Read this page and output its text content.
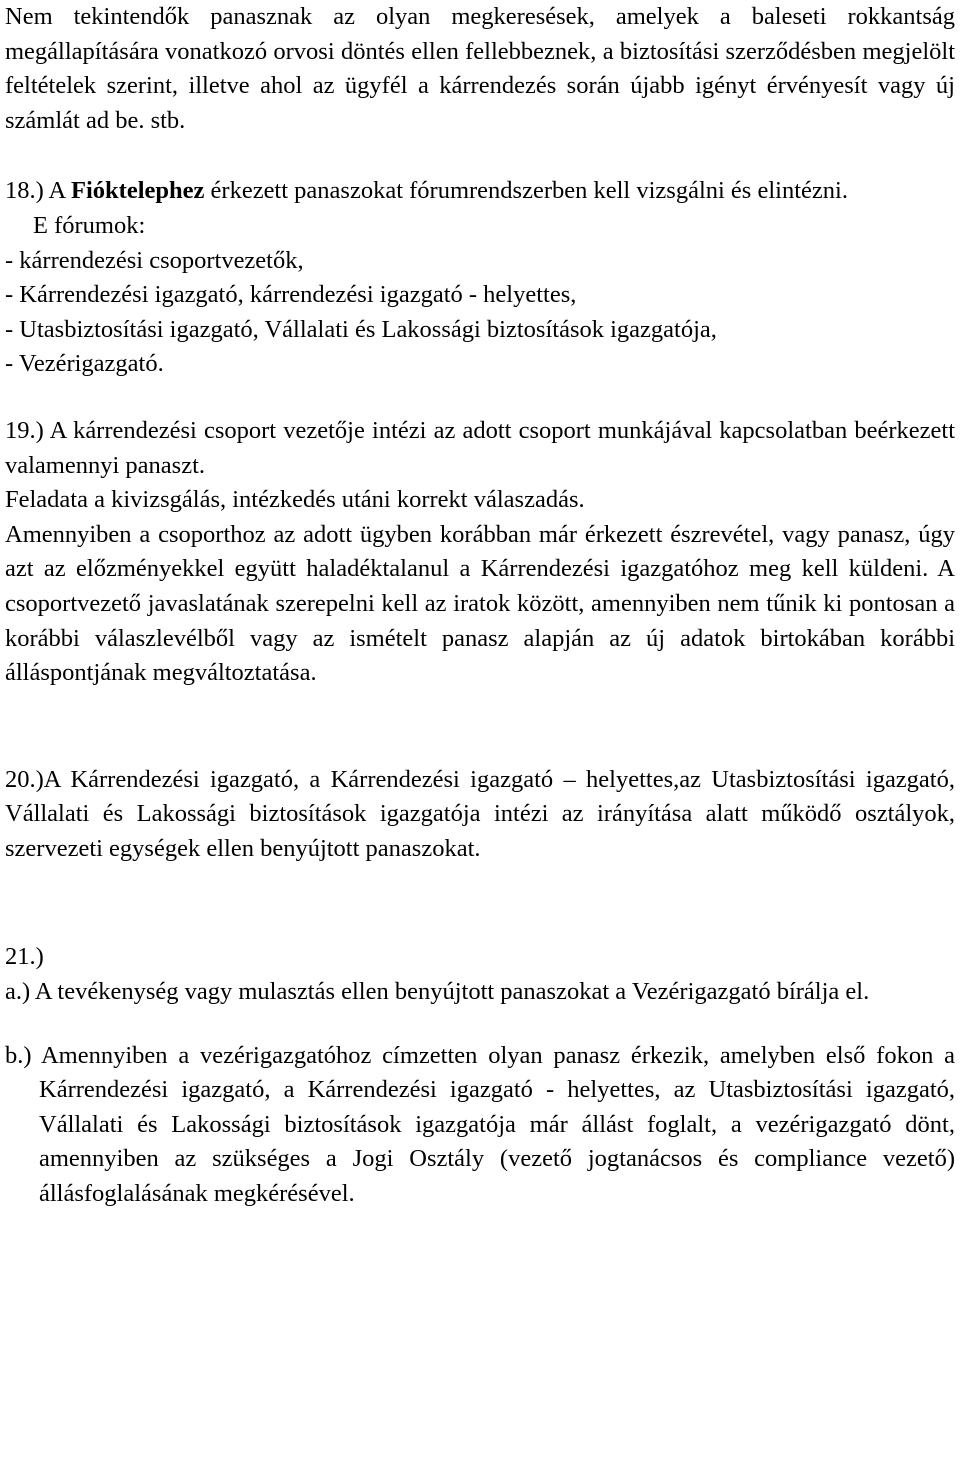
Nem tekintendők panasznak az olyan megkeresések, amelyek a baleseti rokkantság megállapítására vonatkozó orvosi döntés ellen fellebbeznek, a biztosítási szerződésben megjelölt feltételek szerint, illetve ahol az ügyfél a kárrendezés során újabb igényt érvényesít vagy új számlát ad be. stb.

18.) A Fióktelephez érkezett panaszokat fórumrendszerben kell vizsgálni és elintézni.

E fórumok:

- kárrendezési csoportvezetők,

- Kárrendezési igazgató, kárrendezési igazgató - helyettes,

- Utasbiztosítási igazgató, Vállalati és Lakossági biztosítások igazgatója,

- Vezérigazgató.

19.) A kárrendezési csoport vezetője intézi az adott csoport munkájával kapcsolatban beérkezett valamennyi panaszt.

Feladata a kivizsgálás, intézkedés utáni korrekt válaszadás.

Amennyiben a csoporthoz az adott ügyben korábban már érkezett észrevétel, vagy panasz, úgy azt az előzményekkel együtt haladéktalanul a Kárrendezési igazgatóhoz meg kell küldeni. A csoportvezető javaslatának szerepelni kell az iratok között, amennyiben nem tűnik ki pontosan a korábbi válaszlevélből vagy az ismételt panasz alapján az új adatok birtokában korábbi álláspontjának megváltoztatása.

20.)A Kárrendezési igazgató, a Kárrendezési igazgató – helyettes,az Utasbiztosítási igazgató, Vállalati és Lakossági biztosítások igazgatója intézi az irányítása alatt működő osztályok, szervezeti egységek ellen benyújtott panaszokat.

21.)

a.) A tevékenység vagy mulasztás ellen benyújtott panaszokat a Vezérigazgató bírálja el.

b.) Amennyiben a vezérigazgatóhoz címzetten olyan panasz érkezik, amelyben első fokon a Kárrendezési igazgató, a Kárrendezési igazgató - helyettes, az Utasbiztosítási igazgató, Vállalati és Lakossági biztosítások igazgatója már állást foglalt, a vezérigazgató dönt, amennyiben az szükséges a Jogi Osztály (vezető jogtanácsos és compliance vezető) állásfoglalásának megkérésével.
